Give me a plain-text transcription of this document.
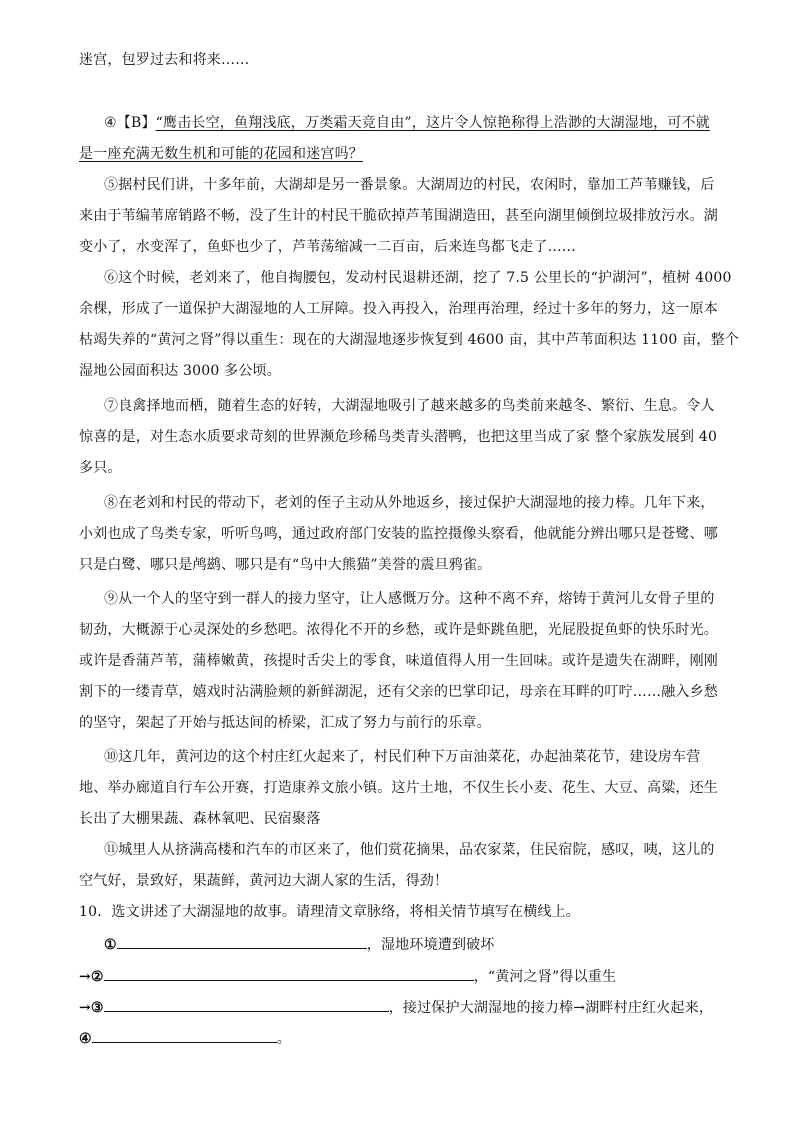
迷宫，包罗过去和将来……
④【B】“鹰击长空，鱼翔浅底，万类霜天竞自由”，这片令人惊艳称得上浩渺的大湖湿地，可不就
是一座充满无数生机和可能的花园和迷宫吗？
⑤据村民们讲，十多年前，大湖却是另一番景象。大湖周边的村民，农闲时，靠加工芦苇赚钱，后
来由于苇编苇席销路不畅，没了生计的村民干脆砍掉芦苇围湖造田，甚至向湖里倾倒垃圾排放污水。湖
变小了，水变浑了，鱼虾也少了，芦苇荡缩减一二百亩，后来连鸟都飞走了……
⑥这个时候，老刘来了，他自掏腰包，发动村民退耕还湖，挖了 7.5 公里长的“护湖河”，植树 4000
余棵，形成了一道保护大湖湿地的人工屏障。投入再投入，治理再治理，经过十多年的努力，这一原本
枯竭失养的“黄河之肾”得以重生：现在的大湖湿地逐步恢复到 4600 亩，其中芦苇面积达 1100 亩，整个
湿地公园面积达 3000 多公顷。
⑦良禽择地而栖，随着生态的好转，大湖湿地吸引了越来越多的鸟类前来越冬、繁衍、生息。令人
惊喜的是，对生态水质要求苛刻的世界濒危珍稀鸟类青头潜鸭，也把这里当成了家 整个家族发展到 40
多只。
⑧在老刘和村民的带动下，老刘的侄子主动从外地返乡，接过保护大湖湿地的接力棒。几年下来，
小刘也成了鸟类专家，听听鸟鸣，通过政府部门安装的监控摄像头察看，他就能分辨出哪只是苍鹭、哪
只是白鹭、哪只是鸬鹚、哪只是有“鸟中大熊猫”美誉的震旦鸦雀。
⑨从一个人的坚守到一群人的接力坚守，让人感慨万分。这种不离不弃，熔铸于黄河儿女骨子里的
韧劲，大概源于心灵深处的乡愁吧。浓得化不开的乡愁，或许是虾跳鱼肥，光屁股捉鱼虾的快乐时光。
或许是香蒲芦苇，蒲棒嫩黄，孩提时舌尖上的零食，味道值得人用一生回味。或许是遗失在湖畔，刚刚
割下的一缕青草，嬉戏时沾满脸颊的新鲜湖泥，还有父亲的巴掌印记，母亲在耳畔的叮咛……融入乡愁
的坚守，架起了开始与抵达间的桥梁，汇成了努力与前行的乐章。
⑩这几年，黄河边的这个村庄红火起来了，村民们种下万亩油菜花，办起油菜花节，建设房车营
地、举办廊道自行车公开赛，打造康养文旅小镇。这片土地，不仅生长小麦、花生、大豆、高粱，还生
长出了大棚果蔬、森林氧吧、民宿聚落
⑪城里人从挤满高楼和汽车的市区来了，他们赏花摘果，品农家菜，住民宿院，感叹，咦，这儿的
空气好，景致好，果蔬鲜，黄河边大湖人家的生活，得劲！
10．选文讲述了大湖湿地的故事。请理清文章脉络，将相关情节填写在横线上。
①	，湿地环境遭到破坏
→②	，“黄河之肾”得以重生
→③	，接过保护大湖湿地的接力棒→湖畔村庄红火起来，
④	。
